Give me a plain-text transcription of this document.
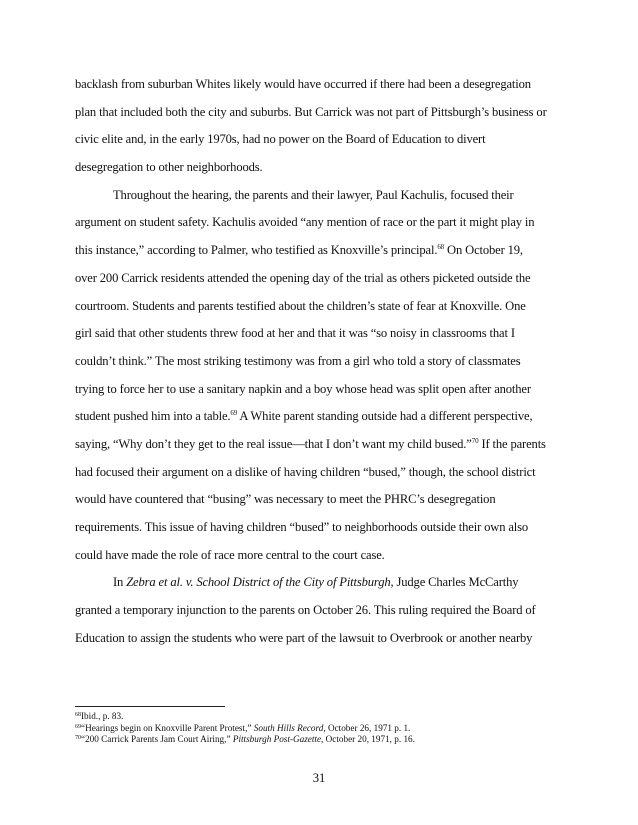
backlash from suburban Whites likely would have occurred if there had been a desegregation
plan that included both the city and suburbs. But Carrick was not part of Pittsburgh’s business or
civic elite and, in the early 1970s, had no power on the Board of Education to divert
desegregation to other neighborhoods.
Throughout the hearing, the parents and their lawyer, Paul Kachulis, focused their
argument on student safety. Kachulis avoided “any mention of race or the part it might play in
this instance,” according to Palmer, who testified as Knoxville’s principal.$^{68}$ On October 19,
over 200 Carrick residents attended the opening day of the trial as others picketed outside the
courtroom. Students and parents testified about the children’s state of fear at Knoxville. One
girl said that other students threw food at her and that it was “so noisy in classrooms that I
couldn’t think.” The most striking testimony was from a girl who told a story of classmates
trying to force her to use a sanitary napkin and a boy whose head was split open after another
student pushed him into a table.$^{69}$ A White parent standing outside had a different perspective,
saying, “Why don’t they get to the real issue—that I don’t want my child bused.”$^{70}$ If the parents
had focused their argument on a dislike of having children “bused,” though, the school district
would have countered that “busing” was necessary to meet the PHRC’s desegregation
requirements. This issue of having children “bused” to neighborhoods outside their own also
could have made the role of race more central to the court case.
In Zebra et al. v. School District of the City of Pittsburgh, Judge Charles McCarthy
granted a temporary injunction to the parents on October 26. This ruling required the Board of
Education to assign the students who were part of the lawsuit to Overbrook or another nearby
$^{68}$Ibid., p. 83.
$^{69}$“Hearings begin on Knoxville Parent Protest,” South Hills Record, October 26, 1971 p. 1.
$^{70}$“200 Carrick Parents Jam Court Airing,” Pittsburgh Post-Gazette, October 20, 1971, p. 16.
31
